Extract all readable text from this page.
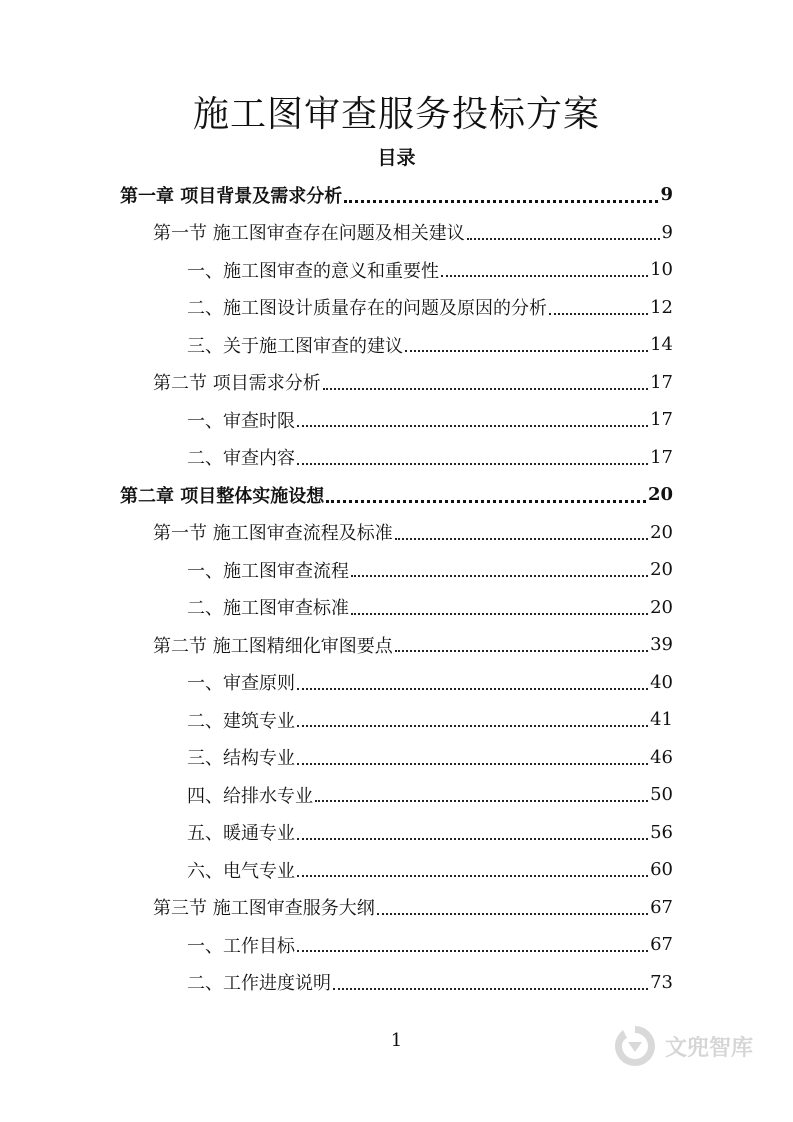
施工图审查服务投标方案
目录
第一章 项目背景及需求分析	9
第一节 施工图审查存在问题及相关建议	9
一、施工图审查的意义和重要性	10
二、施工图设计质量存在的问题及原因的分析	12
三、关于施工图审查的建议	14
第二节 项目需求分析	17
一、审查时限	17
二、审查内容	17
第二章 项目整体实施设想	20
第一节 施工图审查流程及标准	20
一、施工图审查流程	20
二、施工图审查标准	20
第二节 施工图精细化审图要点	39
一、审查原则	40
二、建筑专业	41
三、结构专业	46
四、给排水专业	50
五、暖通专业	56
六、电气专业	60
第三节 施工图审查服务大纲	67
一、工作目标	67
二、工作进度说明	73
1	文兜智库
